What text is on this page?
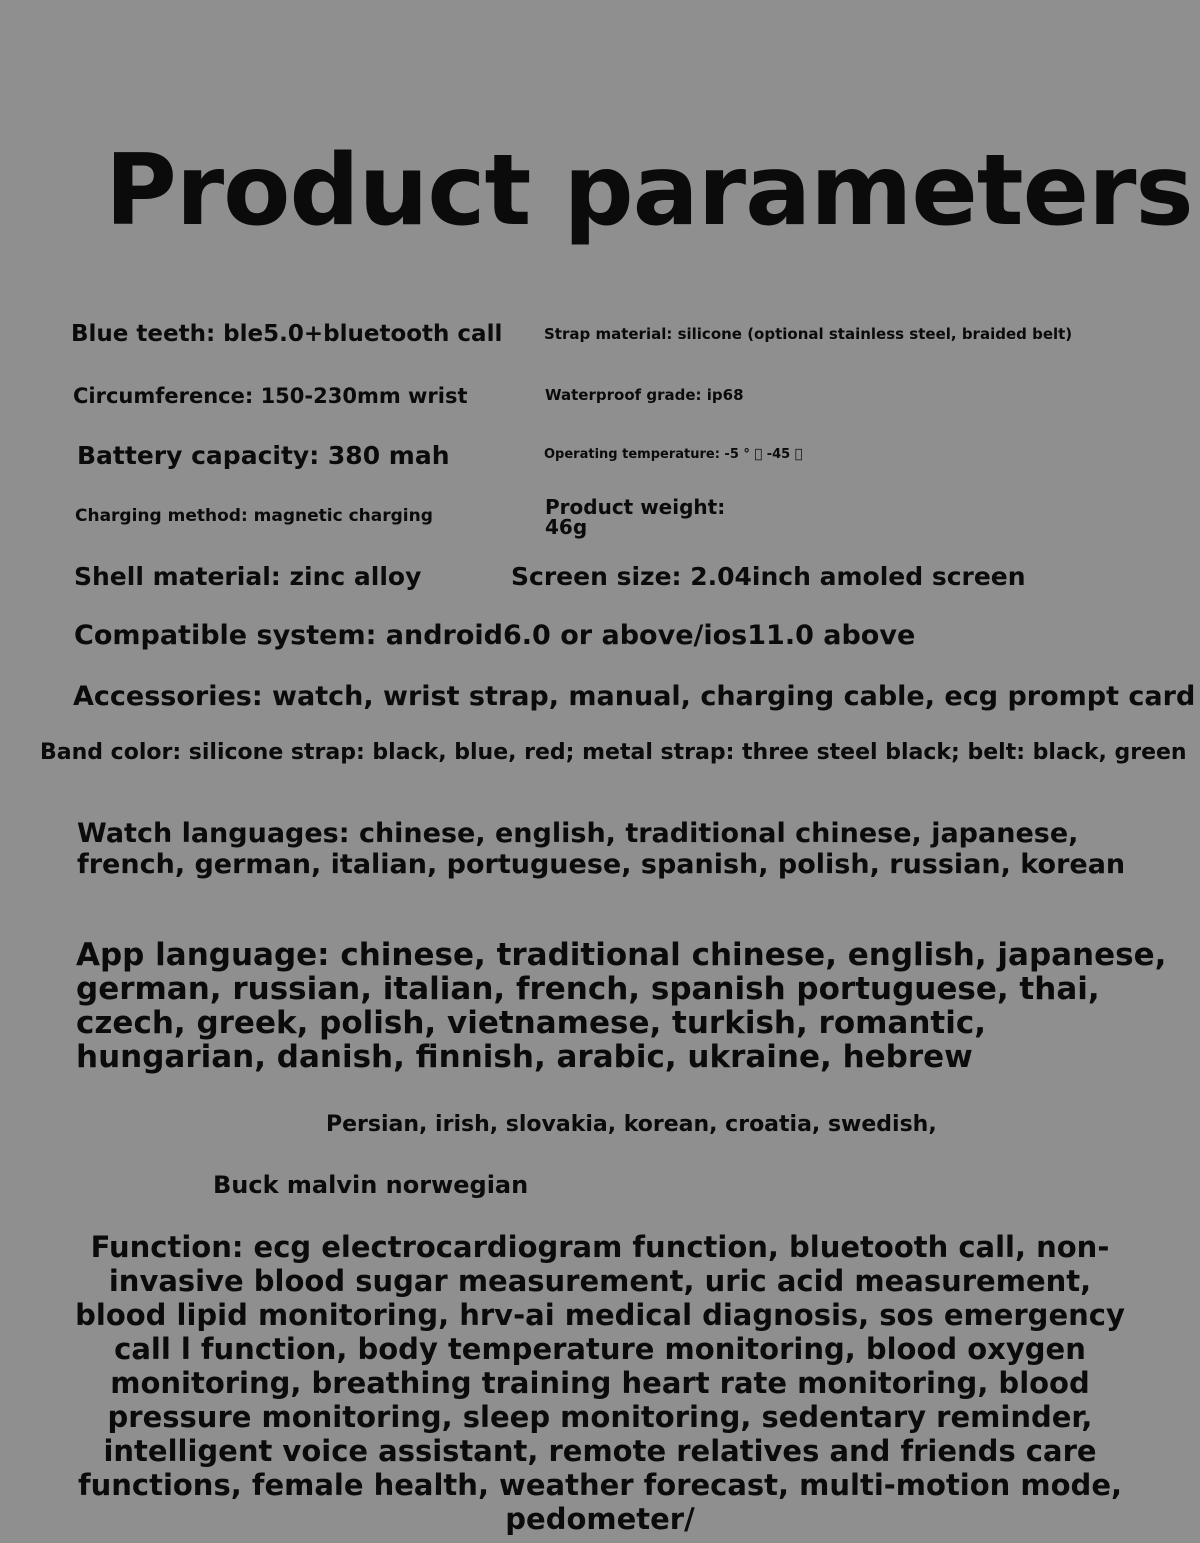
Product parameters
Blue teeth: ble5.0+bluetooth call	Strap material: silicone (optional stainless steel, braided belt)
Circumference: 150-230mm wrist	Waterproof grade: ip68
Battery capacity: 380 mah	Operating temperature: -5 ° ⃞ -45 ⃞
Charging method: magnetic charging	Product weight:
46g
Shell material: zinc alloy	Screen size: 2.04inch amoled screen
Compatible system: android6.0 or above/ios11.0 above
Accessories: watch, wrist strap, manual, charging cable, ecg prompt card
Band color: silicone strap: black, blue, red; metal strap: three steel black; belt: black, green
Watch languages: chinese, english, traditional chinese, japanese, french, german, italian, portuguese, spanish, polish, russian, korean
App language: chinese, traditional chinese, english, japanese, german, russian, italian, french, spanish portuguese, thai, czech, greek, polish, vietnamese, turkish, romantic, hungarian, danish, finnish, arabic, ukraine, hebrew
Persian, irish, slovakia, korean, croatia, swedish,
Buck malvin norwegian
Function: ecg electrocardiogram function, bluetooth call, non-invasive blood sugar measurement, uric acid measurement, blood lipid monitoring, hrv-ai medical diagnosis, sos emergency call l function, body temperature monitoring, blood oxygen monitoring, breathing training heart rate monitoring, blood pressure monitoring, sleep monitoring, sedentary reminder, intelligent voice assistant, remote relatives and friends care functions, female health, weather forecast, multi-motion mode, pedometer/
